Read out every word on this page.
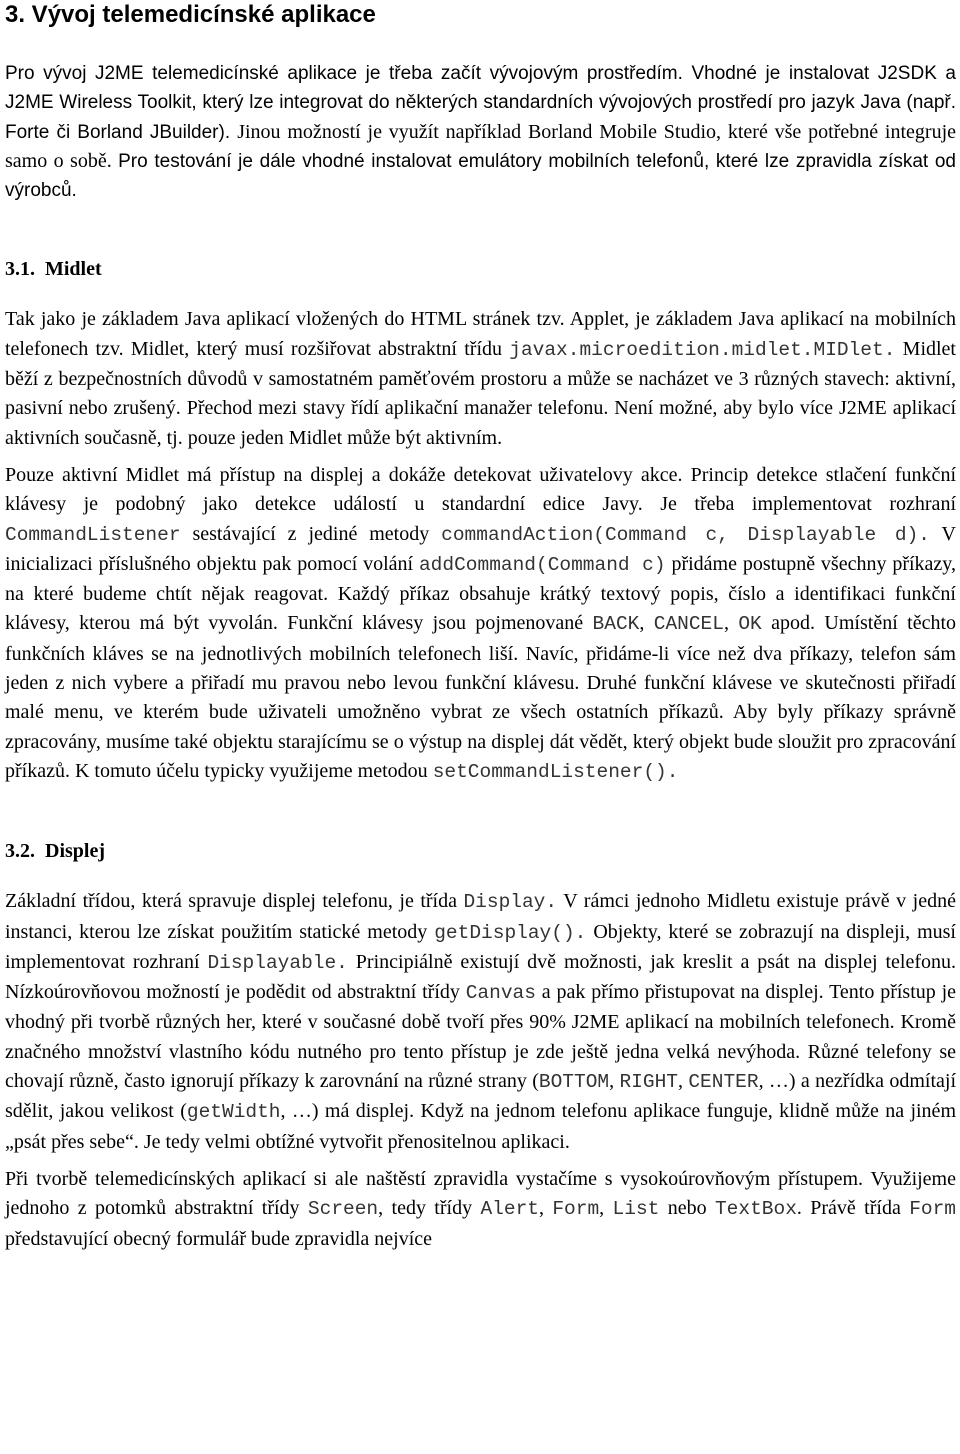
3. Vývoj telemedicínské aplikace

Pro vývoj J2ME telemedicínské aplikace je třeba začít vývojovým prostředím. Vhodné je instalovat J2SDK a J2ME Wireless Toolkit, který lze integrovat do některých standardních vývojových prostředí pro jazyk Java (např. Forte či Borland JBuilder). Jinou možností je využít například Borland Mobile Studio, které vše potřebné integruje samo o sobě. Pro testování je dále vhodné instalovat emulátory mobilních telefonů, které lze zpravidla získat od výrobců.

3.1. Midlet

Tak jako je základem Java aplikací vložených do HTML stránek tzv. Applet, je základem Java aplikací na mobilních telefonech tzv. Midlet, který musí rozšiřovat abstraktní třídu javax.microedition.midlet.MIDlet. Midlet běží z bezpečnostních důvodů v samostatném paměťovém prostoru a může se nacházet ve 3 různých stavech: aktivní, pasivní nebo zrušený. Přechod mezi stavy řídí aplikační manažer telefonu. Není možné, aby bylo více J2ME aplikací aktivních současně, tj. pouze jeden Midlet může být aktivním.

Pouze aktivní Midlet má přístup na displej a dokáže detekovat uživatelovy akce. Princip detekce stlačení funkční klávesy je podobný jako detekce událostí u standardní edice Javy. Je třeba implementovat rozhraní CommandListener sestávající z jediné metody commandAction(Command c, Displayable d). V inicializaci příslušného objektu pak pomocí volání addCommand(Command c) přidáme postupně všechny příkazy, na které budeme chtít nějak reagovat. Každý příkaz obsahuje krátký textový popis, číslo a identifikaci funkční klávesy, kterou má být vyvolán. Funkční klávesy jsou pojmenované BACK, CANCEL, OK apod. Umístění těchto funkčních kláves se na jednotlivých mobilních telefonech liší. Navíc, přidáme-li více než dva příkazy, telefon sám jeden z nich vybere a přiřadí mu pravou nebo levou funkční klávesu. Druhé funkční klávese ve skutečnosti přiřadí malé menu, ve kterém bude uživateli umožněno vybrat ze všech ostatních příkazů. Aby byly příkazy správně zpracovány, musíme také objektu starajícímu se o výstup na displej dát vědět, který objekt bude sloužit pro zpracování příkazů. K tomuto účelu typicky využijeme metodou setCommandListener().

3.2. Displej

Základní třídou, která spravuje displej telefonu, je třída Display. V rámci jednoho Midletu existuje právě v jedné instanci, kterou lze získat použitím statické metody getDisplay(). Objekty, které se zobrazují na displeji, musí implementovat rozhraní Displayable. Principiálně existují dvě možnosti, jak kreslit a psát na displej telefonu. Nízkoúrovňovou možností je podědit od abstraktní třídy Canvas a pak přímo přistupovat na displej. Tento přístup je vhodný při tvorbě různých her, které v současné době tvoří přes 90% J2ME aplikací na mobilních telefonech. Kromě značného množství vlastního kódu nutného pro tento přístup je zde ještě jedna velká nevýhoda. Různé telefony se chovají různě, často ignorují příkazy k zarovnání na různé strany (BOTTOM, RIGHT, CENTER, …) a nezřídka odmítají sdělit, jakou velikost (getWidth, …) má displej. Když na jednom telefonu aplikace funguje, klidně může na jiném „psát přes sebe“. Je tedy velmi obtížné vytvořit přenositelnou aplikaci.

Při tvorbě telemedicínských aplikací si ale naštěstí zpravidla vystačíme s vysokoúrovňovým přístupem. Využijeme jednoho z potomků abstraktní třídy Screen, tedy třídy Alert, Form, List nebo TextBox. Právě třída Form představující obecný formulář bude zpravidla nejvíce
